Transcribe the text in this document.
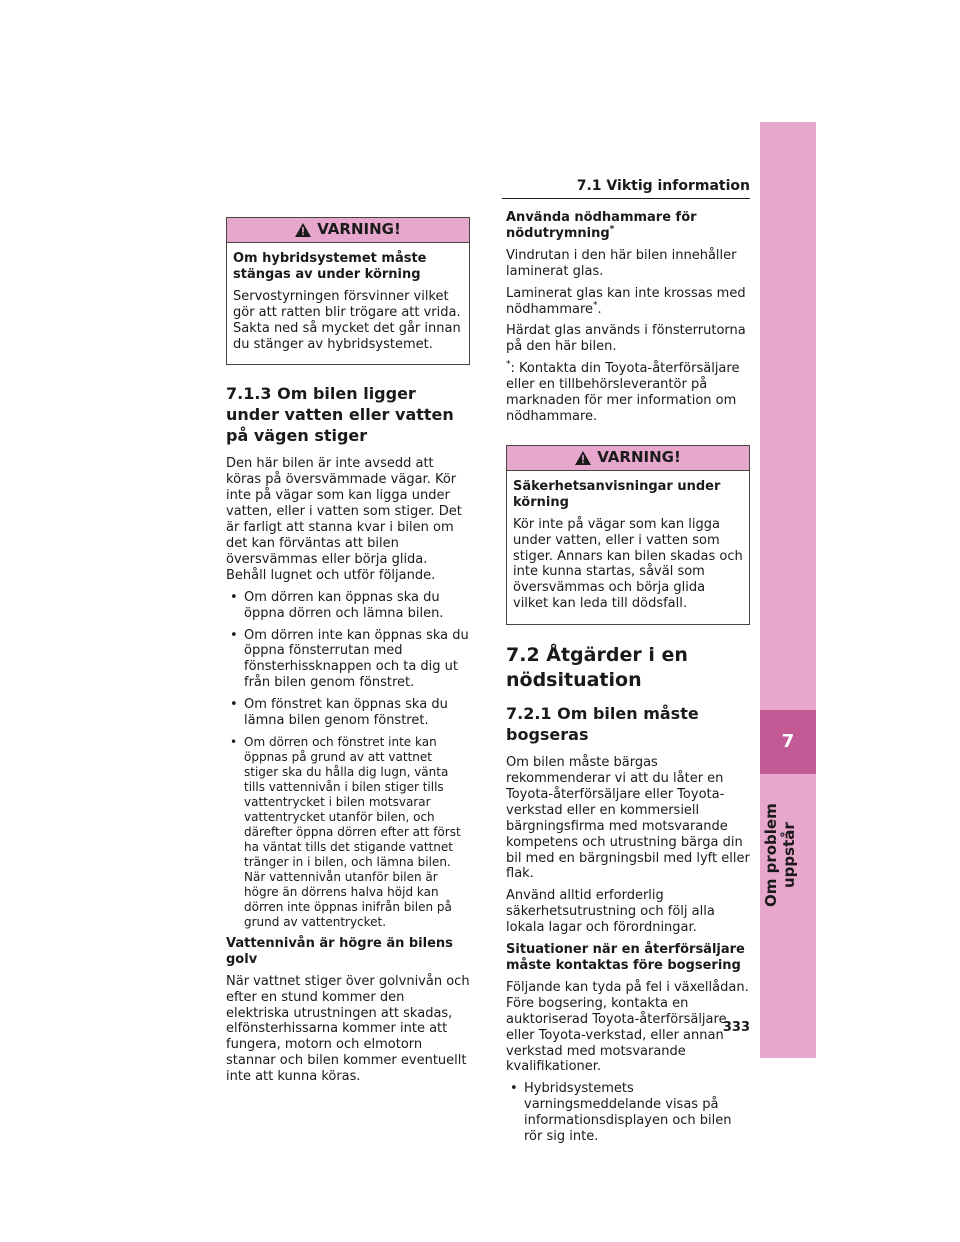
7.1 Viktig information
7
Om problem uppstår
VARNING!
Om hybridsystemet måste stängas av under körning
Servostyrningen försvinner vilket gör att ratten blir trögare att vrida. Sakta ned så mycket det går innan du stänger av hybridsystemet.
7.1.3 Om bilen ligger under vatten eller vatten på vägen stiger
Den här bilen är inte avsedd att köras på översvämmade vägar. Kör inte på vägar som kan ligga under vatten, eller i vatten som stiger. Det är farligt att stanna kvar i bilen om det kan förväntas att bilen översvämmas eller börja glida. Behåll lugnet och utför följande.
• Om dörren kan öppnas ska du öppna dörren och lämna bilen.
• Om dörren inte kan öppnas ska du öppna fönsterrutan med fönsterhissknappen och ta dig ut från bilen genom fönstret.
• Om fönstret kan öppnas ska du lämna bilen genom fönstret.
• Om dörren och fönstret inte kan öppnas på grund av att vattnet stiger ska du hålla dig lugn, vänta tills vattennivån i bilen stiger tills vattentrycket i bilen motsvarar vattentrycket utanför bilen, och därefter öppna dörren efter att först ha väntat tills det stigande vattnet tränger in i bilen, och lämna bilen. När vattennivån utanför bilen är högre än dörrens halva höjd kan dörren inte öppnas inifrån bilen på grund av vattentrycket.
Vattennivån är högre än bilens golv
När vattnet stiger över golvnivån och efter en stund kommer den elektriska utrustningen att skadas, elfönsterhissarna kommer inte att fungera, motorn och elmotorn stannar och bilen kommer eventuellt inte att kunna köras.
Använda nödhammare för nödutrymning*
Vindrutan i den här bilen innehåller laminerat glas.
Laminerat glas kan inte krossas med nödhammare*.
Härdat glas används i fönsterrutorna på den här bilen.
*: Kontakta din Toyota-återförsäljare eller en tillbehörsleverantör på marknaden för mer information om nödhammare.
VARNING!
Säkerhetsanvisningar under körning
Kör inte på vägar som kan ligga under vatten, eller i vatten som stiger. Annars kan bilen skadas och inte kunna startas, såväl som översvämmas och börja glida vilket kan leda till dödsfall.
7.2 Åtgärder i en nödsituation
7.2.1 Om bilen måste bogseras
Om bilen måste bärgas rekommenderar vi att du låter en Toyota-återförsäljare eller Toyota-verkstad eller en kommersiell bärgningsfirma med motsvarande kompetens och utrustning bärga din bil med en bärgningsbil med lyft eller flak.
Använd alltid erforderlig säkerhetsutrustning och följ alla lokala lagar och förordningar.
Situationer när en återförsäljare måste kontaktas före bogsering
Följande kan tyda på fel i växellådan. Före bogsering, kontakta en auktoriserad Toyota-återförsäljare eller Toyota-verkstad, eller annan verkstad med motsvarande kvalifikationer.
• Hybridsystemets varningsmeddelande visas på informationsdisplayen och bilen rör sig inte.
333
